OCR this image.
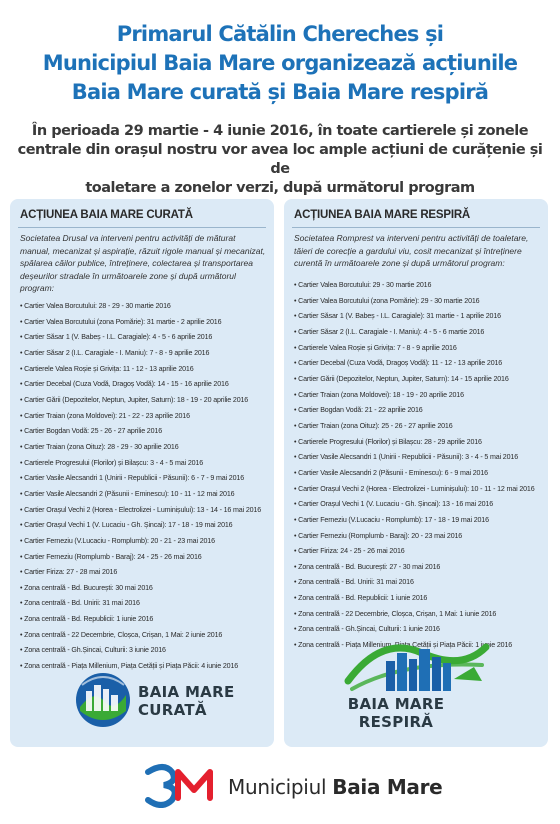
Primarul Cătălin Chereches și
Municipiul Baia Mare organizează acțiunile
Baia Mare curată și Baia Mare respiră
În perioada 29 martie - 4 iunie 2016, în toate cartierele și zonele
centrale din orașul nostru vor avea loc ample acțiuni de curățenie și de
toaletare a zonelor verzi, după următorul program
ACȚIUNEA BAIA MARE CURATĂ
Societatea Drusal va interveni pentru activități de măturat manual, mecanizat și aspirație, răzuit rigole manual și mecanizat, spălarea căilor publice, întreținere, colectarea și transportarea deșeurilor stradale în următoarele zone și după următorul program:
• Cartier Valea Borcutului: 28 - 29 - 30 martie 2016
• Cartier Valea Borcutului (zona Pomărie): 31 martie - 2 aprilie 2016
• Cartier Săsar 1 (V. Babeș - I.L. Caragiale): 4 - 5 - 6 aprilie 2016
• Cartier Săsar 2 (I.L. Caragiale - I. Maniu): 7 - 8 - 9 aprilie 2016
• Cartierele Valea Roșie și Grivița: 11 - 12 - 13 aprilie 2016
• Cartier Decebal (Cuza Vodă, Dragoș Vodă): 14 - 15 - 16 aprilie 2016
• Cartier Gării (Depozitelor, Neptun, Jupiter, Saturn): 18 - 19 - 20 aprilie 2016
• Cartier Traian (zona Moldovei): 21 - 22 - 23 aprilie 2016
• Cartier Bogdan Vodă: 25 - 26 - 27 aprilie 2016
• Cartier Traian (zona Oituz): 28 - 29 - 30 aprilie 2016
• Cartierele Progresului (Florilor) și Bilașcu: 3 - 4 - 5 mai 2016
• Cartier Vasile Alecsandri 1 (Unirii - Republicii - Păsunii): 6 - 7 - 9 mai 2016
• Cartier Vasile Alecsandri 2 (Păsunii - Eminescu): 10 - 11 - 12 mai 2016
• Cartier Orașul Vechi 2 (Horea - Electrolizei - Luminișului): 13 - 14 - 16 mai 2016
• Cartier Orașul Vechi 1 (V. Lucaciu - Gh. Șincai): 17 - 18 - 19 mai 2016
• Cartier Ferneziu (V.Lucaciu - Romplumb): 20 - 21 - 23 mai 2016
• Cartier Ferneziu (Romplumb - Baraj): 24 - 25 - 26 mai 2016
• Cartier Firiza: 27 - 28 mai 2016
• Zona centrală - Bd. București: 30 mai 2016
• Zona centrală - Bd. Unirii: 31 mai 2016
• Zona centrală - Bd. Republicii: 1 iunie 2016
• Zona centrală - 22 Decembrie, Cloșca, Crișan, 1 Mai: 2 iunie 2016
• Zona centrală - Gh.Șincai, Culturii: 3 iunie 2016
• Zona centrală - Piața Millenium, Piața Cetății și Piața Păcii: 4 iunie 2016
BAIA MARE
CURATĂ
ACȚIUNEA BAIA MARE RESPIRĂ
Societatea Romprest va interveni pentru activități de toaletare, tăieri de corecție a gardului viu, cosit mecanizat și întreținere curentă în următoarele zone și după următorul program:
• Cartier Valea Borcutului: 29 - 30 martie 2016
• Cartier Valea Borcutului (zona Pomărie): 29 - 30 martie 2016
• Cartier Săsar 1 (V. Babeș - I.L. Caragiale): 31 martie - 1 aprilie 2016
• Cartier Săsar 2 (I.L. Caragiale - I. Maniu): 4 - 5 - 6 martie 2016
• Cartierele Valea Roșie și Grivița: 7 - 8 - 9 aprilie 2016
• Cartier Decebal (Cuza Vodă, Dragoș Vodă): 11 - 12 - 13 aprilie 2016
• Cartier Gării (Depozitelor, Neptun, Jupiter, Saturn): 14 - 15 aprilie 2016
• Cartier Traian (zona Moldovei): 18 - 19 - 20 aprilie 2016
• Cartier Bogdan Vodă: 21 - 22 aprilie 2016
• Cartier Traian (zona Oituz): 25 - 26 - 27 aprilie 2016
• Cartierele Progresului (Florilor) și Bilașcu: 28 - 29 aprilie 2016
• Cartier Vasile Alecsandri 1 (Unirii - Republicii - Păsunii): 3 - 4 - 5 mai 2016
• Cartier Vasile Alecsandri 2 (Păsunii - Eminescu): 6 - 9 mai 2016
• Cartier Orașul Vechi 2 (Horea - Electrolizei - Luminișului): 10 - 11 - 12 mai 2016
• Cartier Orașul Vechi 1 (V. Lucaciu - Gh. Șincai): 13 - 16 mai 2016
• Cartier Ferneziu (V.Lucaciu - Romplumb): 17 - 18 - 19 mai 2016
• Cartier Ferneziu (Romplumb - Baraj): 20 - 23 mai 2016
• Cartier Firiza: 24 - 25 - 26 mai 2016
• Zona centrală - Bd. București: 27 - 30 mai 2016
• Zona centrală - Bd. Unirii: 31 mai 2016
• Zona centrală - Bd. Republicii: 1 iunie 2016
• Zona centrală - 22 Decembrie, Cloșca, Crișan, 1 Mai: 1 iunie 2016
• Zona centrală - Gh.Șincai, Culturii: 1 iunie 2016
• Zona centrală - Piața Millenium, Piața Cetății și Piața Păcii: 1 iunie 2016
BAIA MARE
RESPIRĂ
Municipiul Baia Mare
